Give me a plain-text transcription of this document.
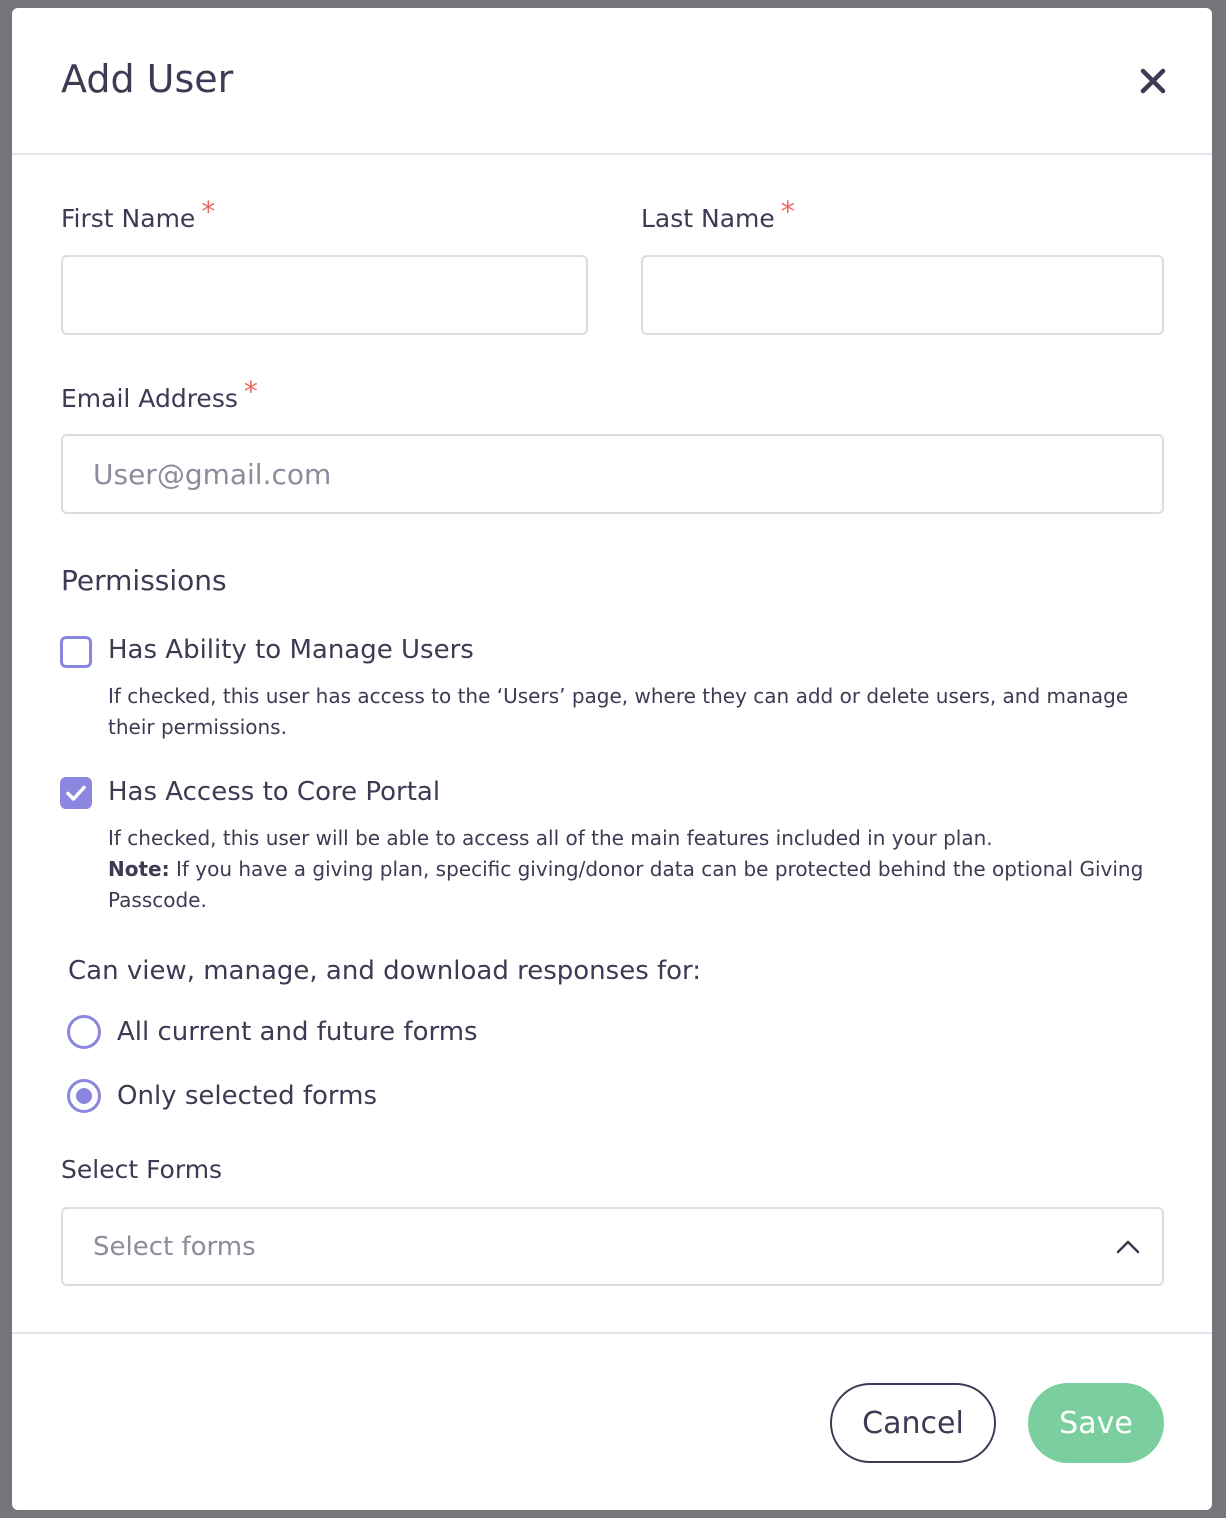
Add User
First Name *	Last Name *
Email Address *
User@gmail.com
Permissions
Has Ability to Manage Users
If checked, this user has access to the ‘Users’ page, where they can add or delete users, and manage their permissions.
Has Access to Core Portal
If checked, this user will be able to access all of the main features included in your plan.
Note: If you have a giving plan, specific giving/donor data can be protected behind the optional Giving Passcode.
Can view, manage, and download responses for:
All current and future forms
Only selected forms
Select Forms
Select forms
Cancel	Save
